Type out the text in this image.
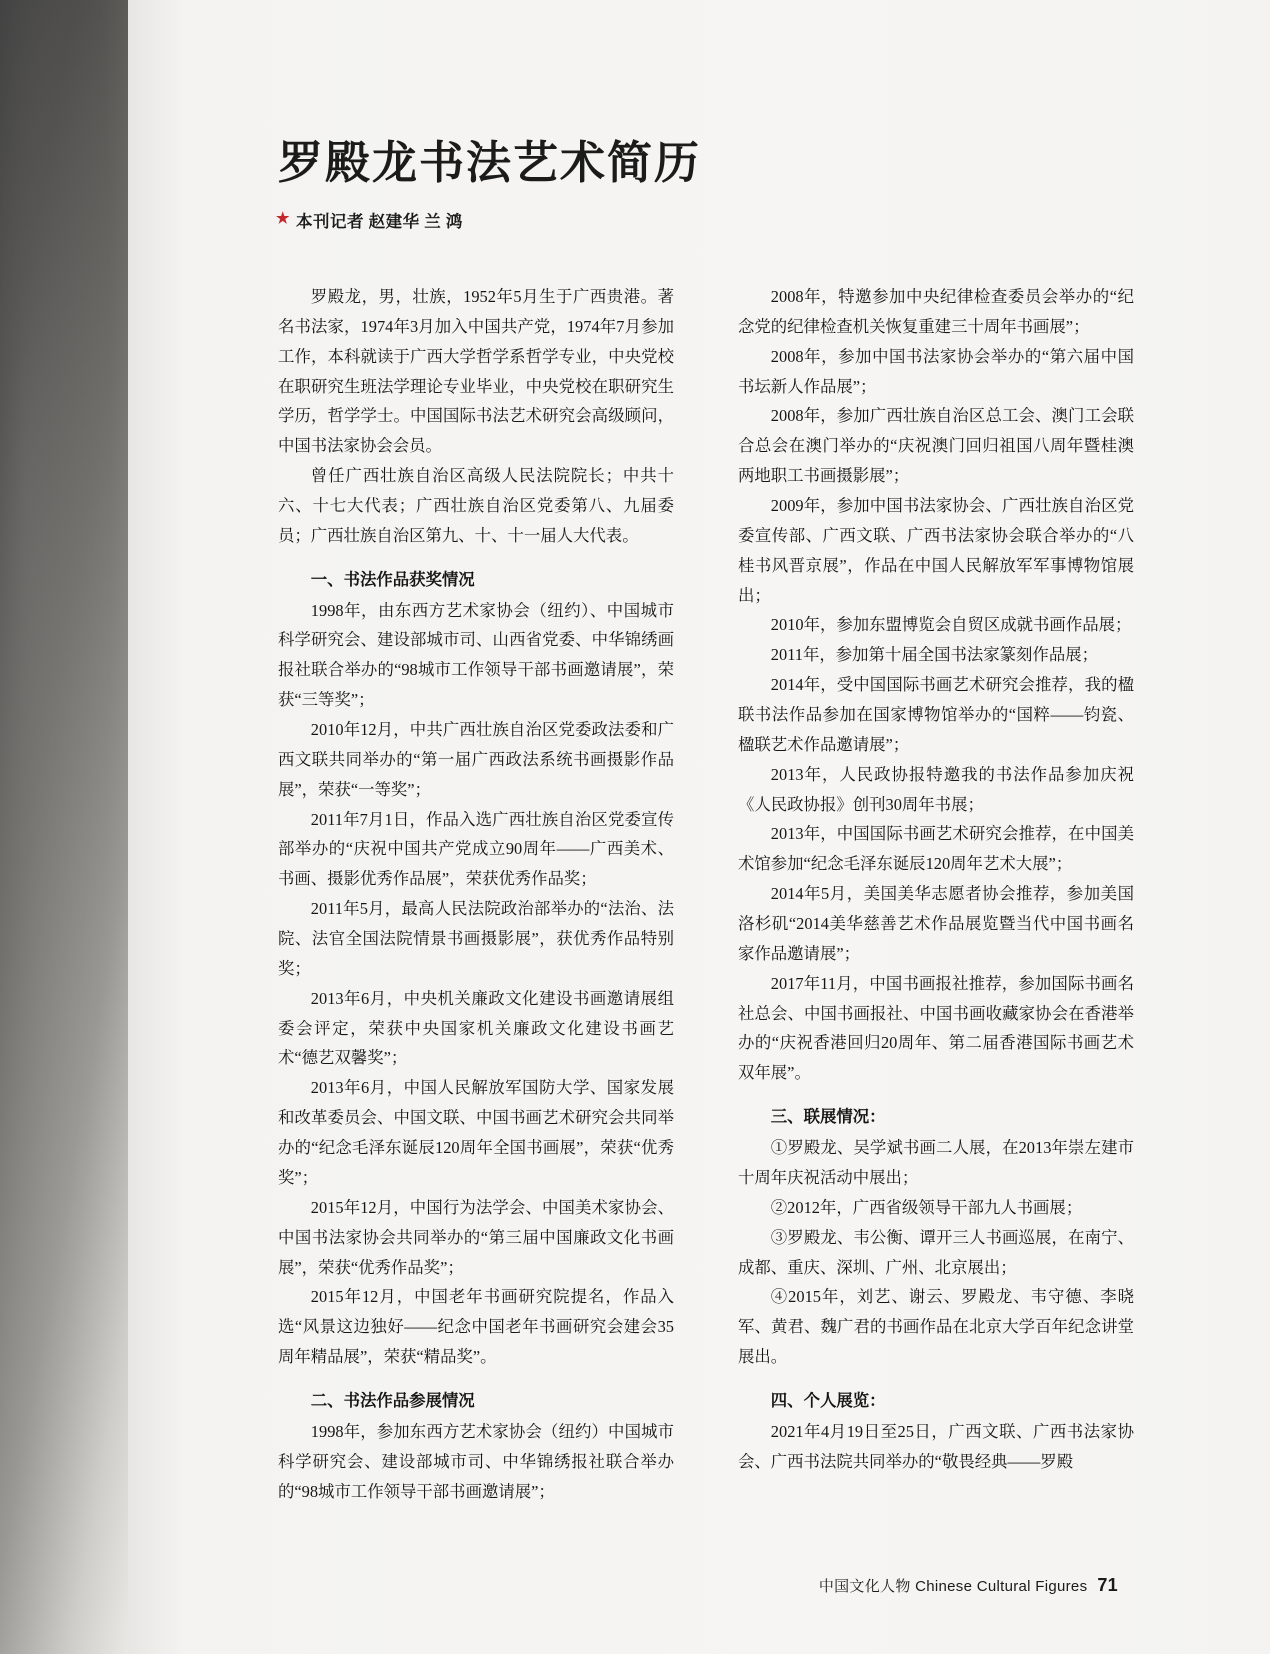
罗殿龙书法艺术简历
★ 本刊记者 赵建华 兰 鸿

罗殿龙，男，壮族，1952年5月生于广西贵港。著名书法家，1974年3月加入中国共产党，1974年7月参加工作，本科就读于广西大学哲学系哲学专业，中央党校在职研究生班法学理论专业毕业，中央党校在职研究生学历，哲学学士。中国国际书法艺术研究会高级顾问，中国书法家协会会员。

曾任广西壮族自治区高级人民法院院长；中共十六、十七大代表；广西壮族自治区党委第八、九届委员；广西壮族自治区第九、十、十一届人大代表。

一、书法作品获奖情况

1998年，由东西方艺术家协会（纽约）、中国城市科学研究会、建设部城市司、山西省党委、中华锦绣画报社联合举办的“98城市工作领导干部书画邀请展”，荣获“三等奖”；

2010年12月，中共广西壮族自治区党委政法委和广西文联共同举办的“第一届广西政法系统书画摄影作品展”，荣获“一等奖”；

2011年7月1日，作品入选广西壮族自治区党委宣传部举办的“庆祝中国共产党成立90周年——广西美术、书画、摄影优秀作品展”，荣获优秀作品奖；

2011年5月，最高人民法院政治部举办的“法治、法院、法官全国法院情景书画摄影展”，获优秀作品特别奖；

2013年6月，中央机关廉政文化建设书画邀请展组委会评定，荣获中央国家机关廉政文化建设书画艺术“德艺双馨奖”；

2013年6月，中国人民解放军国防大学、国家发展和改革委员会、中国文联、中国书画艺术研究会共同举办的“纪念毛泽东诞辰120周年全国书画展”，荣获“优秀奖”；

2015年12月，中国行为法学会、中国美术家协会、中国书法家协会共同举办的“第三届中国廉政文化书画展”，荣获“优秀作品奖”；

2015年12月，中国老年书画研究院提名，作品入选“风景这边独好——纪念中国老年书画研究会建会35周年精品展”，荣获“精品奖”。

二、书法作品参展情况

1998年，参加东西方艺术家协会（纽约）中国城市科学研究会、建设部城市司、中华锦绣报社联合举办的“98城市工作领导干部书画邀请展”；

2008年，特邀参加中央纪律检查委员会举办的“纪念党的纪律检查机关恢复重建三十周年书画展”；

2008年，参加中国书法家协会举办的“第六届中国书坛新人作品展”；

2008年，参加广西壮族自治区总工会、澳门工会联合总会在澳门举办的“庆祝澳门回归祖国八周年暨桂澳两地职工书画摄影展”；

2009年，参加中国书法家协会、广西壮族自治区党委宣传部、广西文联、广西书法家协会联合举办的“八桂书风晋京展”，作品在中国人民解放军军事博物馆展出；

2010年，参加东盟博览会自贸区成就书画作品展；

2011年，参加第十届全国书法家篆刻作品展；

2014年，受中国国际书画艺术研究会推荐，我的楹联书法作品参加在国家博物馆举办的“国粹——钧瓷、楹联艺术作品邀请展”；

2013年，人民政协报特邀我的书法作品参加庆祝《人民政协报》创刊30周年书展；

2013年，中国国际书画艺术研究会推荐，在中国美术馆参加“纪念毛泽东诞辰120周年艺术大展”；

2014年5月，美国美华志愿者协会推荐，参加美国洛杉矶“2014美华慈善艺术作品展览暨当代中国书画名家作品邀请展”；

2017年11月，中国书画报社推荐，参加国际书画名社总会、中国书画报社、中国书画收藏家协会在香港举办的“庆祝香港回归20周年、第二届香港国际书画艺术双年展”。

三、联展情况：

①罗殿龙、吴学斌书画二人展，在2013年崇左建市十周年庆祝活动中展出；

②2012年，广西省级领导干部九人书画展；

③罗殿龙、韦公衡、谭开三人书画巡展，在南宁、成都、重庆、深圳、广州、北京展出；

④2015年，刘艺、谢云、罗殿龙、韦守德、李晓军、黄君、魏广君的书画作品在北京大学百年纪念讲堂展出。

四、个人展览：

2021年4月19日至25日，广西文联、广西书法家协会、广西书法院共同举办的“敬畏经典——罗殿

中国文化人物 Chinese Cultural Figures 71
